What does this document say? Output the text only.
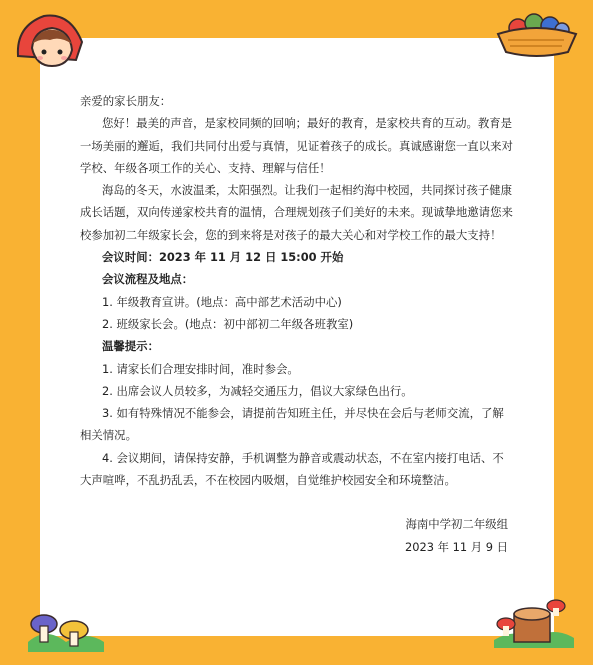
亲爱的家长朋友：

您好！最美的声音，是家校同频的回响；最好的教育，是家校共育的互动。教育是一场美丽的邂逅，我们共同付出爱与真情，见证着孩子的成长。真诚感谢您一直以来对学校、年级各项工作的关心、支持、理解与信任！

海岛的冬天，水波温柔，太阳强烈。让我们一起相约海中校园，共同探讨孩子健康成长话题，双向传递家校共育的温情，合理规划孩子们美好的未来。现诚挚地邀请您来校参加初二年级家长会，您的到来将是对孩子的最大关心和对学校工作的最大支持！

会议时间：2023 年 11 月 12 日 15:00 开始

会议流程及地点：

1. 年级教育宣讲。(地点：高中部艺术活动中心)

2. 班级家长会。(地点：初中部初二年级各班教室)

温馨提示：

1. 请家长们合理安排时间，准时参会。

2. 出席会议人员较多，为减轻交通压力，倡议大家绿色出行。

3. 如有特殊情况不能参会，请提前告知班主任，并尽快在会后与老师交流，了解相关情况。

4. 会议期间，请保持安静，手机调整为静音或震动状态，不在室内接打电话、不大声喧哗，不乱扔乱丢，不在校园内吸烟，自觉维护校园安全和环境整洁。

海南中学初二年级组

2023 年 11 月 9 日
